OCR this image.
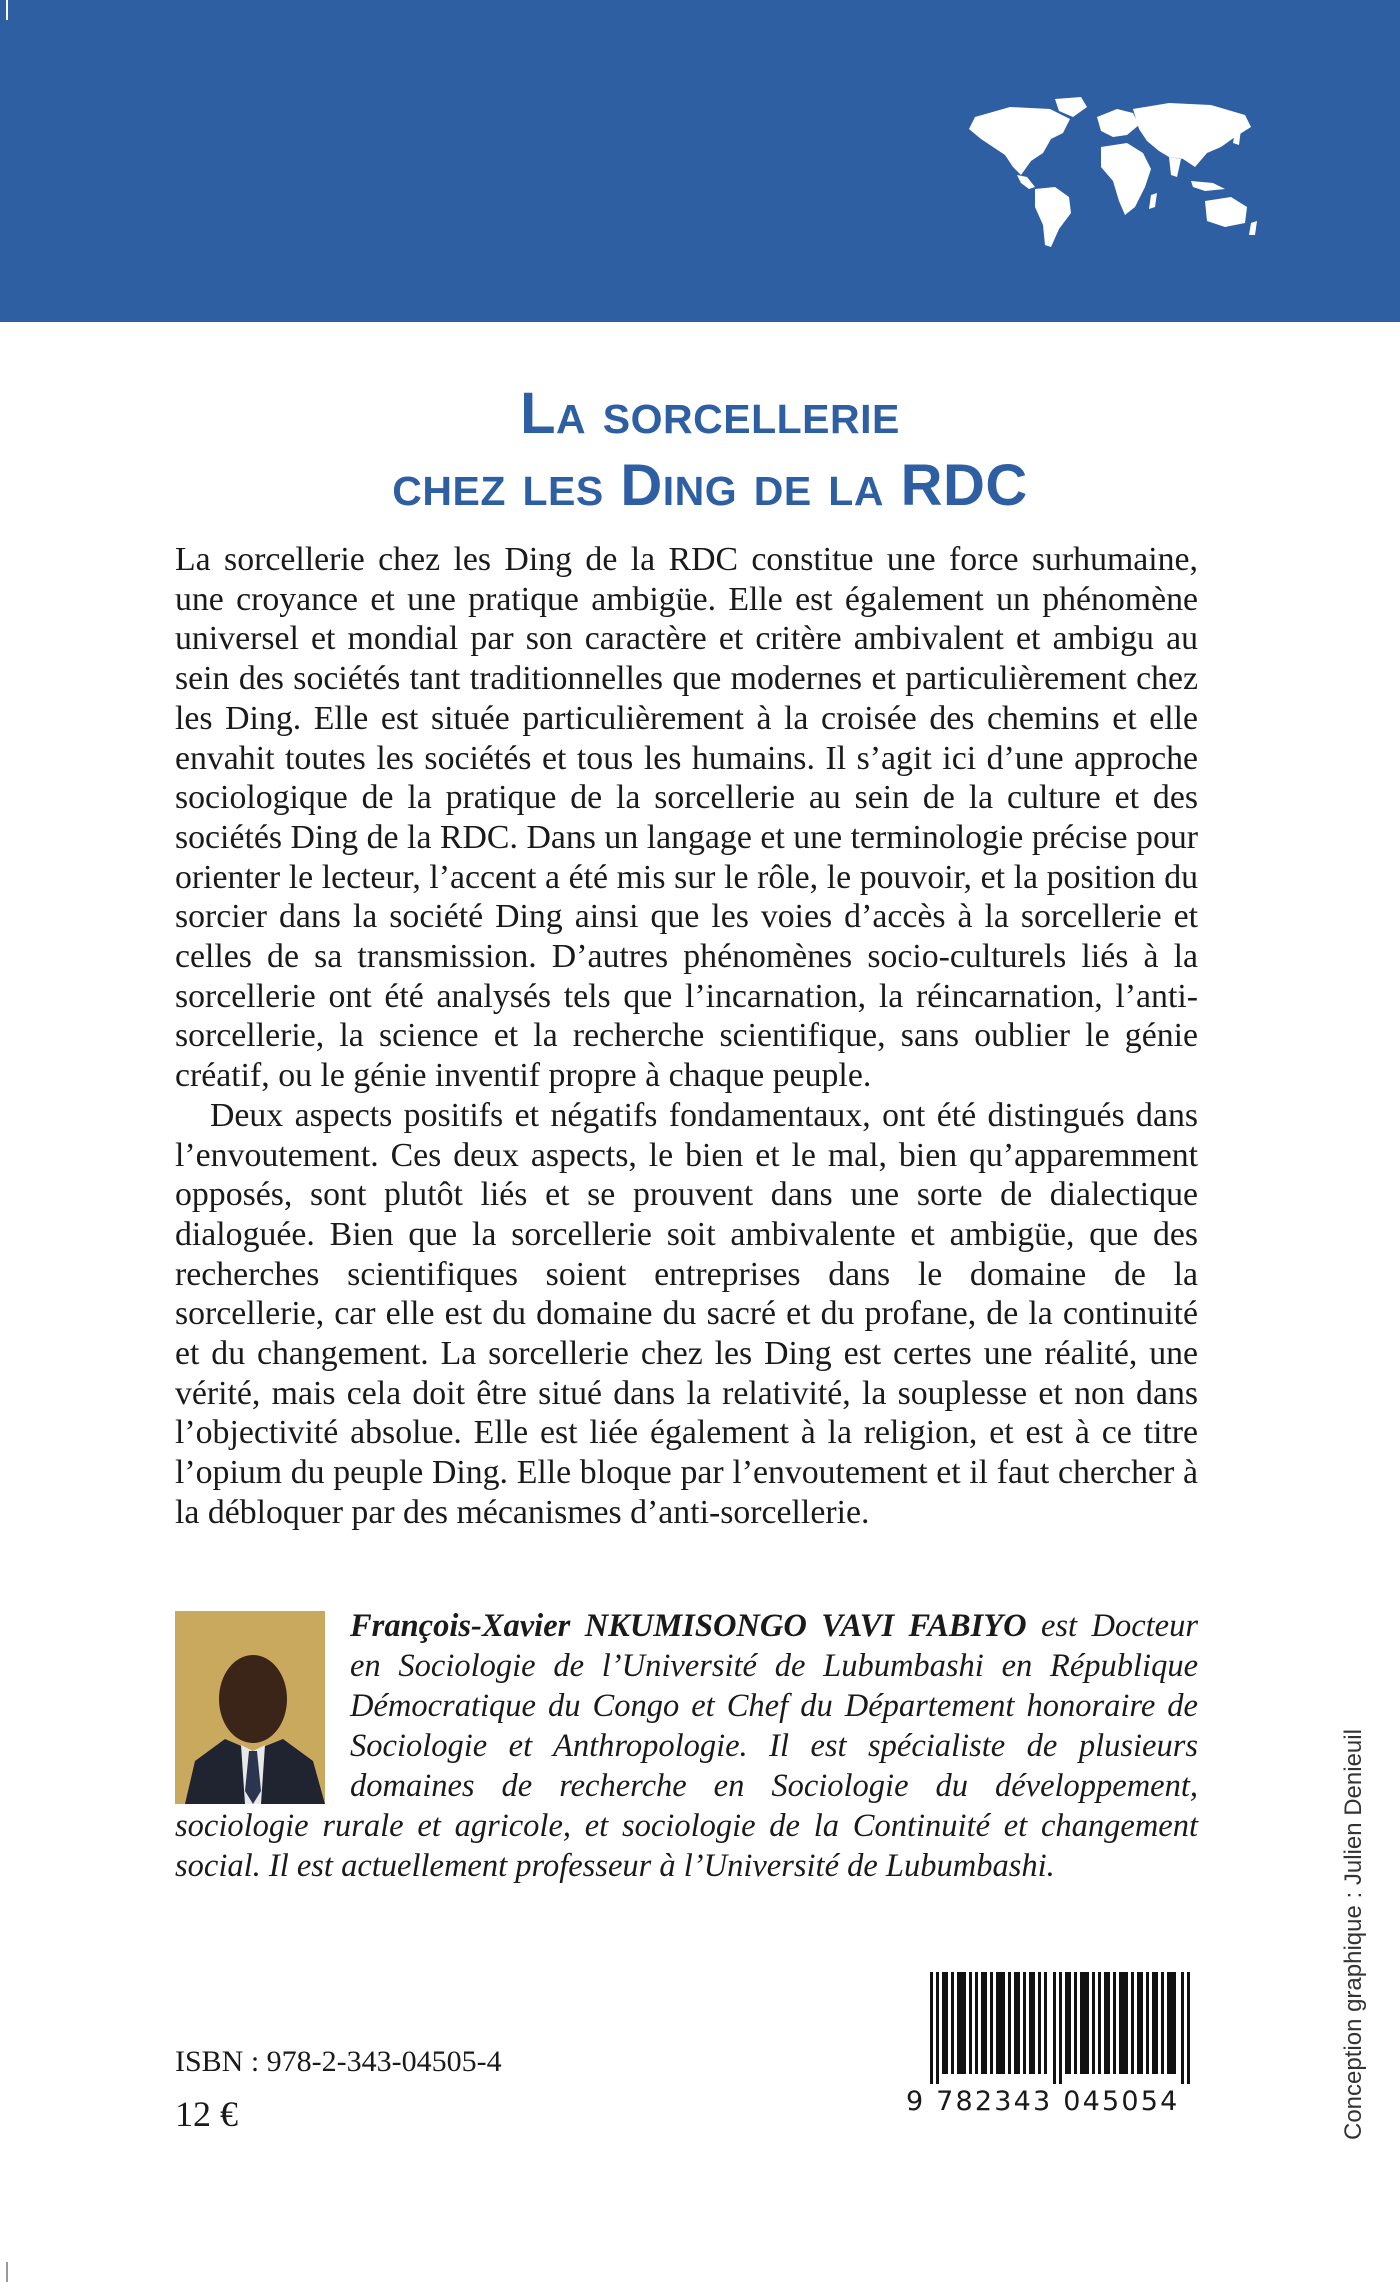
La sorcellerie
chez les Ding de la RDC

La sorcellerie chez les Ding de la RDC constitue une force surhumaine, une croyance et une pratique ambigüe. Elle est également un phénomène universel et mondial par son caractère et critère ambivalent et ambigu au sein des sociétés tant traditionnelles que modernes et particulièrement chez les Ding. Elle est située particulièrement à la croisée des chemins et elle envahit toutes les sociétés et tous les humains. Il s’agit ici d’une approche sociologique de la pratique de la sorcellerie au sein de la culture et des sociétés Ding de la RDC. Dans un langage et une terminologie précise pour orienter le lecteur, l’accent a été mis sur le rôle, le pouvoir, et la position du sorcier dans la société Ding ainsi que les voies d’accès à la sorcellerie et celles de sa transmission. D’autres phénomènes socio-culturels liés à la sorcellerie ont été analysés tels que l’incarnation, la réincarnation, l’anti-sorcellerie, la science et la recherche scientifique, sans oublier le génie créatif, ou le génie inventif propre à chaque peuple.

Deux aspects positifs et négatifs fondamentaux, ont été distingués dans l’envoutement. Ces deux aspects, le bien et le mal, bien qu’apparemment opposés, sont plutôt liés et se prouvent dans une sorte de dialectique dialoguée. Bien que la sorcellerie soit ambivalente et ambigüe, que des recherches scientifiques soient entreprises dans le domaine de la sorcellerie, car elle est du domaine du sacré et du profane, de la continuité et du changement. La sorcellerie chez les Ding est certes une réalité, une vérité, mais cela doit être situé dans la relativité, la souplesse et non dans l’objectivité absolue. Elle est liée également à la religion, et est à ce titre l’opium du peuple Ding. Elle bloque par l’envoutement et il faut chercher à la débloquer par des mécanismes d’anti-sorcellerie.

François-Xavier NKUMISONGO VAVI FABIYO est Docteur en Sociologie de l’Université de Lubumbashi en République Démocratique du Congo et Chef du Département honoraire de Sociologie et Anthropologie. Il est spécialiste de plusieurs domaines de recherche en Sociologie du développement, sociologie rurale et agricole, et sociologie de la Continuité et changement social. Il est actuellement professeur à l’Université de Lubumbashi.
ISBN : 978-2-343-04505-4
12 €	9 782343 045054	Conception graphique : Julien Denieuil
